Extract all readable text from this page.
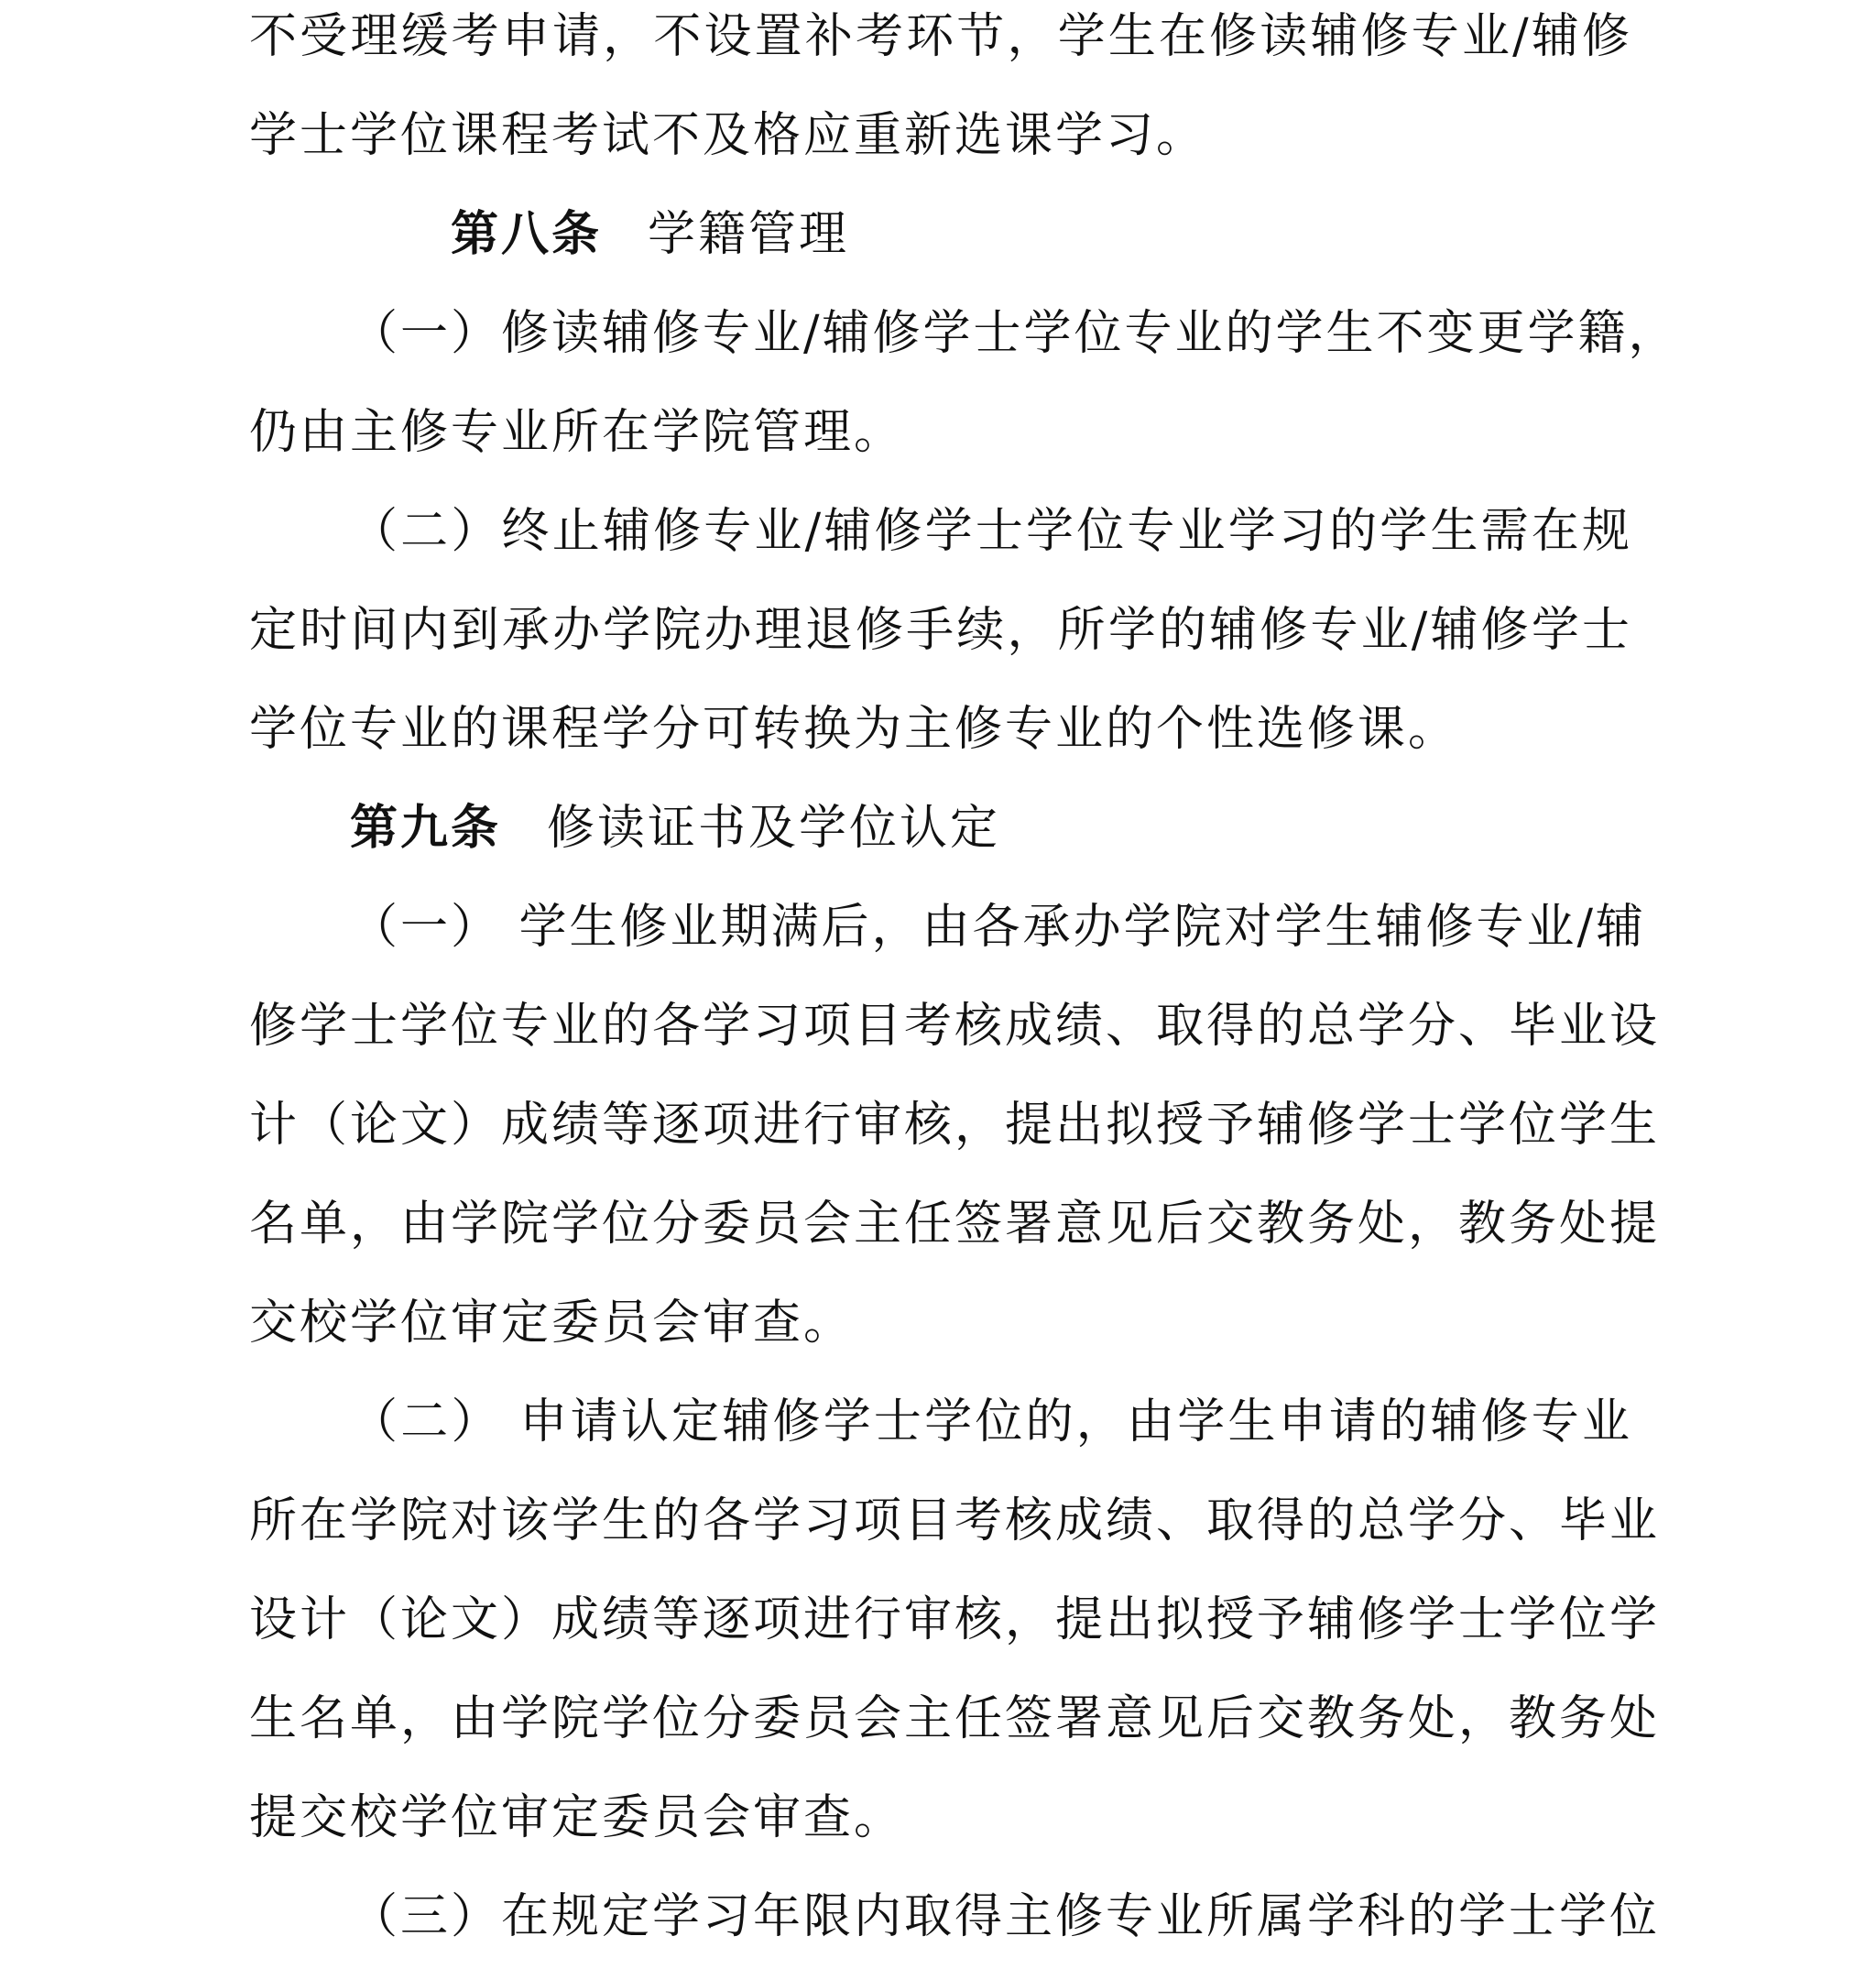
不受理缓考申请，不设置补考环节，学生在修读辅修专业/辅修
学士学位课程考试不及格应重新选课学习。
第八条 学籍管理
（一）修读辅修专业/辅修学士学位专业的学生不变更学籍，
仍由主修专业所在学院管理。
（二）终止辅修专业/辅修学士学位专业学习的学生需在规
定时间内到承办学院办理退修手续，所学的辅修专业/辅修学士
学位专业的课程学分可转换为主修专业的个性选修课。
第九条 修读证书及学位认定
（一） 学生修业期满后，由各承办学院对学生辅修专业/辅
修学士学位专业的各学习项目考核成绩、取得的总学分、毕业设
计（论文）成绩等逐项进行审核，提出拟授予辅修学士学位学生
名单，由学院学位分委员会主任签署意见后交教务处，教务处提
交校学位审定委员会审查。
（二） 申请认定辅修学士学位的，由学生申请的辅修专业
所在学院对该学生的各学习项目考核成绩、取得的总学分、毕业
设计（论文）成绩等逐项进行审核，提出拟授予辅修学士学位学
生名单，由学院学位分委员会主任签署意见后交教务处，教务处
提交校学位审定委员会审查。
（三）在规定学习年限内取得主修专业所属学科的学士学位
